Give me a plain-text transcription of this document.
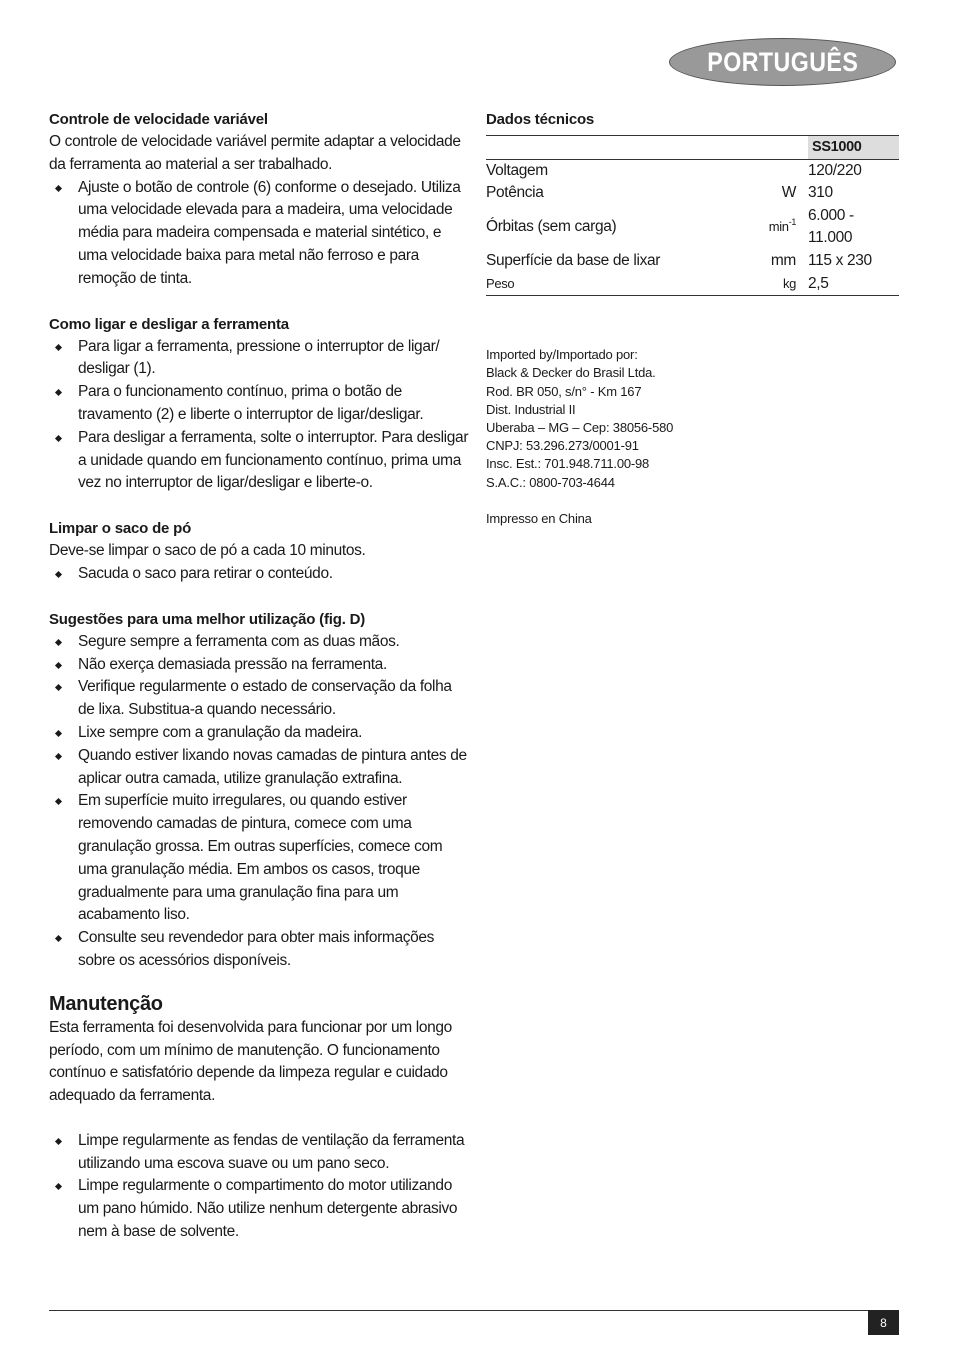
PORTUGUÊS
Controle de velocidade variável

O controle de velocidade variável permite adaptar a velocidade da ferramenta ao material a ser trabalhado.

Ajuste o botão de controle (6) conforme o desejado. Utiliza uma velocidade elevada para a madeira, uma velocidade média para madeira compensada e material sintético, e uma velocidade baixa para metal não ferroso e para remoção de tinta.
Como ligar e desligar a ferramenta
Para ligar a ferramenta, pressione o interruptor de ligar/ desligar (1).
Para o funcionamento contínuo, prima o botão de travamento (2) e liberte o interruptor de ligar/desligar.
Para desligar a ferramenta, solte o interruptor. Para desligar a unidade quando em funcionamento contínuo, prima uma vez no interruptor de ligar/desligar e liberte-o.
Limpar o saco de pó

Deve-se limpar o saco de pó a cada 10 minutos.

Sacuda o saco para retirar o conteúdo.
Sugestões para uma melhor utilização (fig. D)
Segure sempre a ferramenta com as duas mãos.
Não exerça demasiada pressão na ferramenta.
Verifique regularmente o estado de conservação da folha de lixa. Substitua-a quando necessário.
Lixe sempre com a granulação da madeira.
Quando estiver lixando novas camadas de pintura antes de aplicar outra camada, utilize granulação extrafina.
Em superfície muito irregulares, ou quando estiver removendo camadas de pintura, comece com uma granulação grossa. Em outras superfícies, comece com uma granulação média. Em ambos os casos, troque gradualmente para uma granulação fina para um acabamento liso.
Consulte seu revendedor para obter mais informações sobre os acessórios disponíveis.
Manutenção

Esta ferramenta foi desenvolvida para funcionar por um longo período, com um mínimo de manutenção. O funcionamento contínuo e satisfatório depende da limpeza regular e cuidado adequado da ferramenta.

Limpe regularmente as fendas de ventilação da ferramenta utilizando uma escova suave ou um pano seco.
Limpe regularmente o compartimento do motor utilizando um pano húmido. Não utilize nenhum detergente abrasivo nem à base de solvente.
Dados técnicos
		SS1000
Voltagem		120/220
Potência	W	310
Órbitas (sem carga)	$\min^{-1}$	6.000 - 11.000
Superfície da base de lixar	mm	115 x 230
Peso	kg	2,5
Imported by/Importado por:
Black & Decker do Brasil Ltda.
Rod. BR 050, s/n° - Km 167
Dist. Industrial II
Uberaba – MG – Cep: 38056-580
CNPJ: 53.296.273/0001-91
Insc. Est.: 701.948.711.00-98
S.A.C.: 0800-703-4644
Impresso en China
8
